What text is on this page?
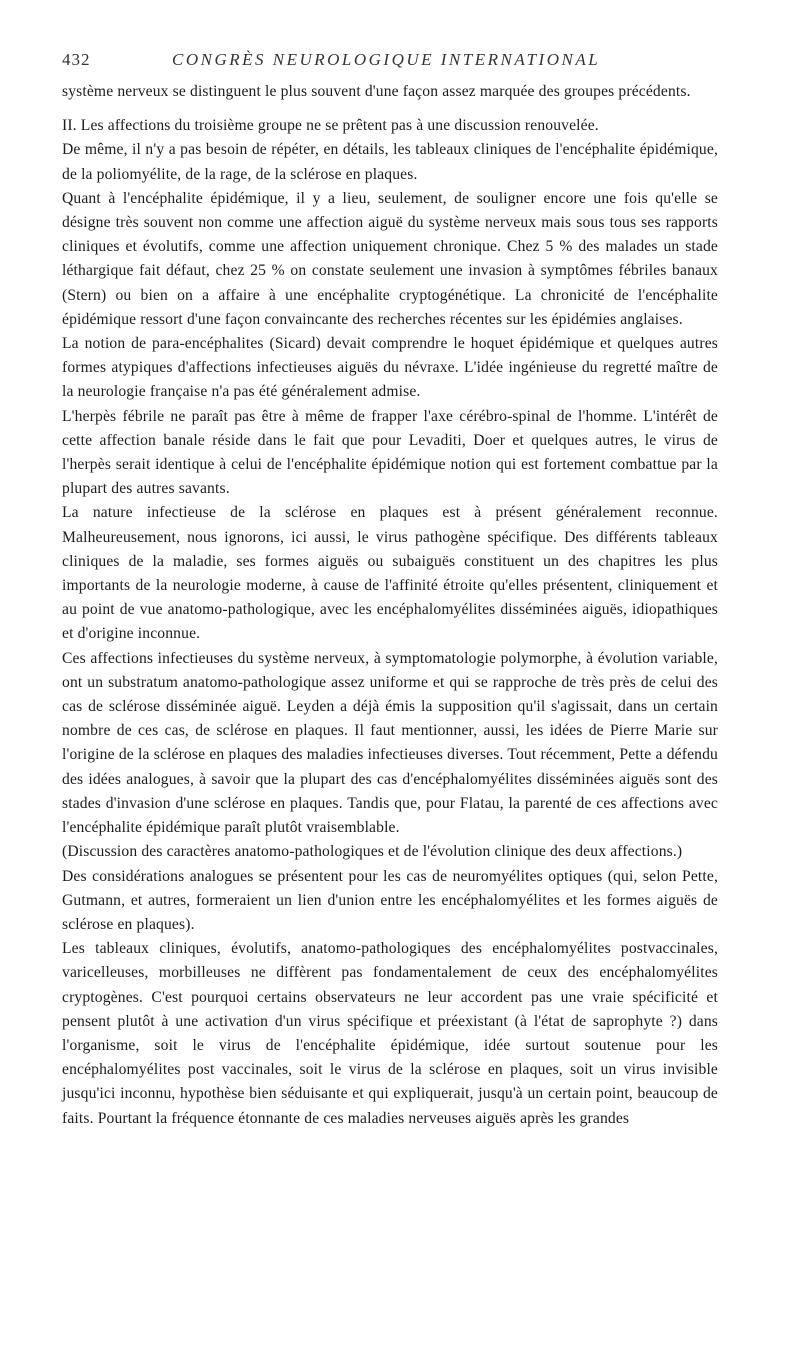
432	CONGRÈS NEUROLOGIQUE INTERNATIONAL

système nerveux se distinguent le plus souvent d'une façon assez marquée des groupes précédents.

II. Les affections du troisième groupe ne se prêtent pas à une discussion renouvelée.

De même, il n'y a pas besoin de répéter, en détails, les tableaux cliniques de l'encéphalite épidémique, de la poliomyélite, de la rage, de la sclérose en plaques.

Quant à l'encéphalite épidémique, il y a lieu, seulement, de souligner encore une fois qu'elle se désigne très souvent non comme une affection aiguë du système nerveux mais sous tous ses rapports cliniques et évolutifs, comme une affection uniquement chronique. Chez 5 % des malades un stade léthargique fait défaut, chez 25 % on constate seulement une invasion à symptômes fébriles banaux (Stern) ou bien on a affaire à une encéphalite cryptogénétique. La chronicité de l'encéphalite épidémique ressort d'une façon convaincante des recherches récentes sur les épidémies anglaises.

La notion de para-encéphalites (Sicard) devait comprendre le hoquet épidémique et quelques autres formes atypiques d'affections infectieuses aiguës du névraxe. L'idée ingénieuse du regretté maître de la neurologie française n'a pas été généralement admise.

L'herpès fébrile ne paraît pas être à même de frapper l'axe cérébro-spinal de l'homme. L'intérêt de cette affection banale réside dans le fait que pour Levaditi, Doer et quelques autres, le virus de l'herpès serait identique à celui de l'encéphalite épidémique notion qui est fortement combattue par la plupart des autres savants.

La nature infectieuse de la sclérose en plaques est à présent généralement reconnue. Malheureusement, nous ignorons, ici aussi, le virus pathogène spécifique. Des différents tableaux cliniques de la maladie, ses formes aiguës ou subaiguës constituent un des chapitres les plus importants de la neurologie moderne, à cause de l'affinité étroite qu'elles présentent, cliniquement et au point de vue anatomo-pathologique, avec les encéphalomyélites disséminées aiguës, idiopathiques et d'origine inconnue.

Ces affections infectieuses du système nerveux, à symptomatologie polymorphe, à évolution variable, ont un substratum anatomo-pathologique assez uniforme et qui se rapproche de très près de celui des cas de sclérose disséminée aiguë. Leyden a déjà émis la supposition qu'il s'agissait, dans un certain nombre de ces cas, de sclérose en plaques. Il faut mentionner, aussi, les idées de Pierre Marie sur l'origine de la sclérose en plaques des maladies infectieuses diverses. Tout récemment, Pette a défendu des idées analogues, à savoir que la plupart des cas d'encéphalomyélites disséminées aiguës sont des stades d'invasion d'une sclérose en plaques. Tandis que, pour Flatau, la parenté de ces affections avec l'encéphalite épidémique paraît plutôt vraisemblable.

(Discussion des caractères anatomo-pathologiques et de l'évolution clinique des deux affections.)

Des considérations analogues se présentent pour les cas de neuromyélites optiques (qui, selon Pette, Gutmann, et autres, formeraient un lien d'union entre les encéphalomyélites et les formes aiguës de sclérose en plaques).

Les tableaux cliniques, évolutifs, anatomo-pathologiques des encéphalomyélites postvaccinales, varicelleuses, morbilleuses ne diffèrent pas fondamentalement de ceux des encéphalomyélites cryptogènes. C'est pourquoi certains observateurs ne leur accordent pas une vraie spécificité et pensent plutôt à une activation d'un virus spécifique et préexistant (à l'état de saprophyte ?) dans l'organisme, soit le virus de l'encéphalite épidémique, idée surtout soutenue pour les encéphalomyélites post vaccinales, soit le virus de la sclérose en plaques, soit un virus invisible jusqu'ici inconnu, hypothèse bien séduisante et qui expliquerait, jusqu'à un certain point, beaucoup de faits. Pourtant la fréquence étonnante de ces maladies nerveuses aiguës après les grandes
